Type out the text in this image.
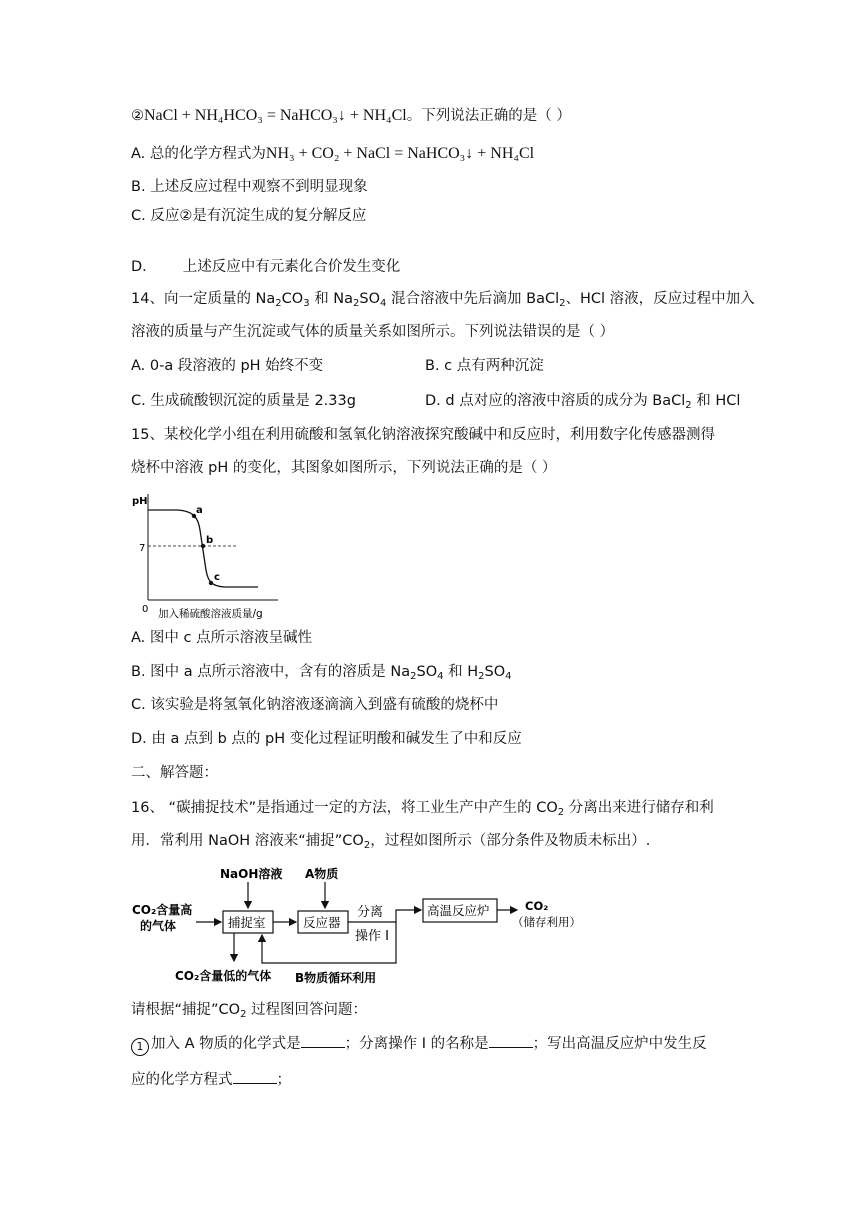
②NaCl + NH₄HCO₃ = NaHCO₃↓ + NH₄Cl。下列说法正确的是（ ）
A. 总的化学方程式为NH₃ + CO₂ + NaCl = NaHCO₃↓ + NH₄Cl
B. 上述反应过程中观察不到明显现象
C. 反应②是有沉淀生成的复分解反应
D. 上述反应中有元素化合价发生变化
14、向一定质量的 $Na_2CO_3$ 和 $Na_2SO_4$ 混合溶液中先后滴加 BaCl$_2$、HCl 溶液，反应过程中加入
溶液的质量与产生沉淀或气体的质量关系如图所示。下列说法错误的是（ ）
A. 0-a 段溶液的 pH 始终不变	B. c 点有两种沉淀
C. 生成硫酸钡沉淀的质量是 2.33g	D. d 点对应的溶液中溶质的成分为 BaCl$_2$ 和 HCl
15、某校化学小组在利用硫酸和氢氧化钠溶液探究酸碱中和反应时，利用数字化传感器测得
烧杯中溶液 pH 的变化，其图象如图所示，下列说法正确的是（ ）
pH
7
0 加入稀硫酸溶液质量/g
a
b
c
A. 图中 c 点所示溶液呈碱性
B. 图中 a 点所示溶液中，含有的溶质是 $Na_2SO_4$ 和 $H_2SO_4$
C. 该实验是将氢氧化钠溶液逐滴滴入到盛有硫酸的烧杯中
D. 由 a 点到 b 点的 pH 变化过程证明酸和碱发生了中和反应
二、解答题：
16、 “碳捕捉技术”是指通过一定的方法，将工业生产中产生的 $CO_2$ 分离出来进行储存和利
用．常利用 NaOH 溶液来“捕捉$”CO_2$，过程如图所示（部分条件及物质未标出）.
NaOH溶液 A物质
CO₂含量高
的气体	捕捉室	反应器
分离
操作 I
高温反应炉	CO₂
（储存利用）
CO₂含量低的气体 B物质循环利用
请根据“捕捉$”CO_2$ 过程图回答问题：
1 加入 A 物质的化学式是	；分离操作 I 的名称是	；写出高温反应炉中发生反
应的化学方程式	；
